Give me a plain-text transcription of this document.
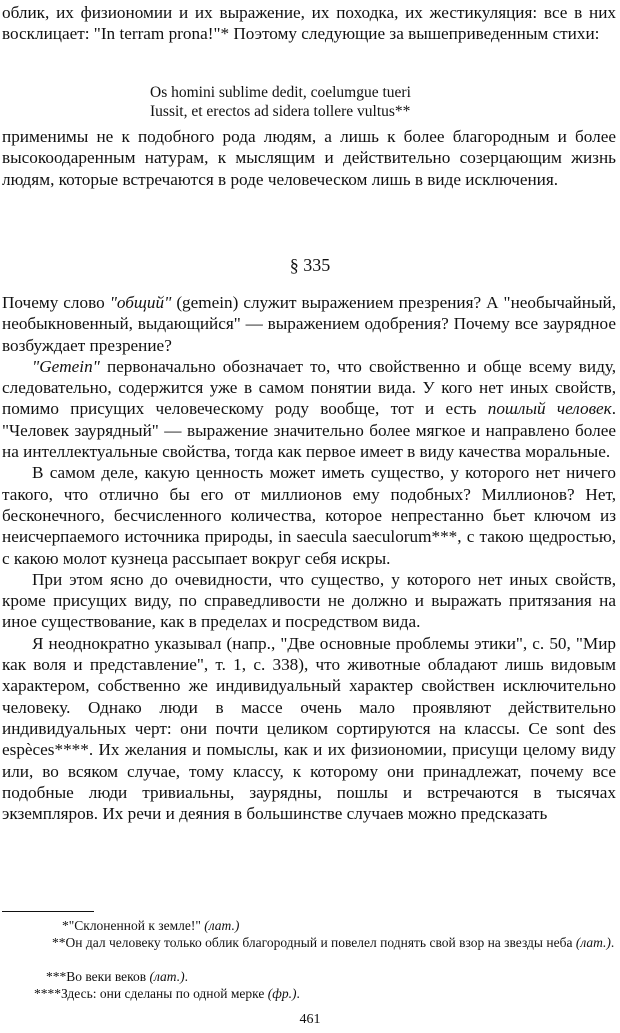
облик, их физиономии и их выражение, их походка, их жестикуляция: все в них восклицает: "In terram prona!"* Поэтому следующие за вышеприведенным стихи:

Os homini sublime dedit, coelumgue tueri
Iussit, et erectos ad sidera tollere vultus**

применимы не к подобного рода людям, а лишь к более благородным и более высокоодаренным натурам, к мыслящим и действительно созерцающим жизнь людям, которые встречаются в роде человеческом лишь в виде исключения.

§ 335

Почему слово "общий" (gemein) служит выражением презрения? А "необычайный, необыкновенный, выдающийся" — выражением одобрения? Почему все заурядное возбуждает презрение?

"Gemein" первоначально обозначает то, что свойственно и обще всему виду, следовательно, содержится уже в самом понятии вида. У кого нет иных свойств, помимо присущих человеческому роду вообще, тот и есть пошлый человек. "Человек заурядный" — выражение значительно более мягкое и направлено более на интеллектуальные свойства, тогда как первое имеет в виду качества моральные.

В самом деле, какую ценность может иметь существо, у которого нет ничего такого, что отлично бы его от миллионов ему подобных? Миллионов? Нет, бесконечного, бесчисленного количества, которое непрестанно бьет ключом из неисчерпаемого источника природы, in saecula saeculorum***, с такою щедростью, с какою молот кузнеца рассыпает вокруг себя искры.

При этом ясно до очевидности, что существо, у которого нет иных свойств, кроме присущих виду, по справедливости не должно и выражать притязания на иное существование, как в пределах и посредством вида.

Я неоднократно указывал (напр., "Две основные проблемы этики", с. 50, "Мир как воля и представление", т. 1, с. 338), что животные обладают лишь видовым характером, собственно же индивидуальный характер свойствен исключительно человеку. Однако люди в массе очень мало проявляют действительно индивидуальных черт: они почти целиком сортируются на классы. Ce sont des espèces****. Их желания и помыслы, как и их физиономии, присущи целому виду или, во всяком случае, тому классу, к которому они принадлежат, почему все подобные люди тривиальны, заурядны, пошлы и встречаются в тысячах экземпляров. Их речи и деяния в большинстве случаев можно предсказать

*"Склоненной к земле!" (лат.)
**Он дал человеку только облик благородный и повелел поднять свой взор на звезды неба (лат.).
***Во веки веков (лат.).
****Здесь: они сделаны по одной мерке (фр.).
461
